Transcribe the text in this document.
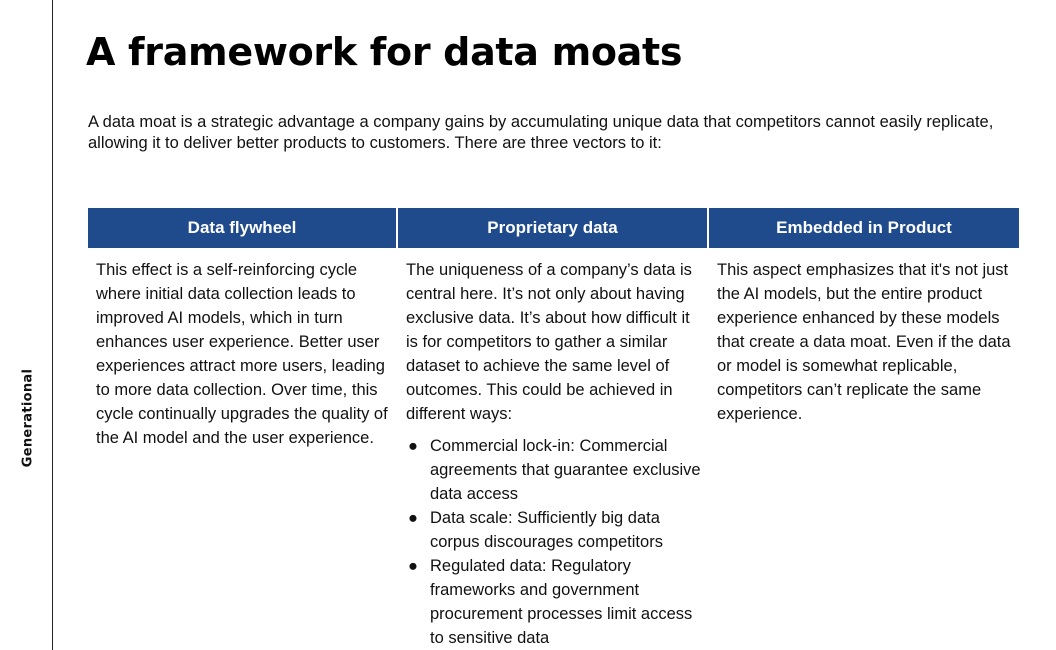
Generational
A framework for data moats

A data moat is a strategic advantage a company gains by accumulating unique data that competitors cannot easily replicate, allowing it to deliver better products to customers. There are three vectors to it:

Data flywheel

This effect is a self-reinforcing cycle where initial data collection leads to improved AI models, which in turn enhances user experience. Better user experiences attract more users, leading to more data collection. Over time, this cycle continually upgrades the quality of the AI model and the user experience.

Proprietary data

The uniqueness of a company’s data is central here. It’s not only about having exclusive data. It’s about how difficult it is for competitors to gather a similar dataset to achieve the same level of outcomes. This could be achieved in different ways:

● Commercial lock-in: Commercial agreements that guarantee exclusive data access
● Data scale: Sufficiently big data corpus discourages competitors
● Regulated data: Regulatory frameworks and government procurement processes limit access to sensitive data
Embedded in Product

This aspect emphasizes that it's not just the AI models, but the entire product experience enhanced by these models that create a data moat. Even if the data or model is somewhat replicable, competitors can’t replicate the same experience.
